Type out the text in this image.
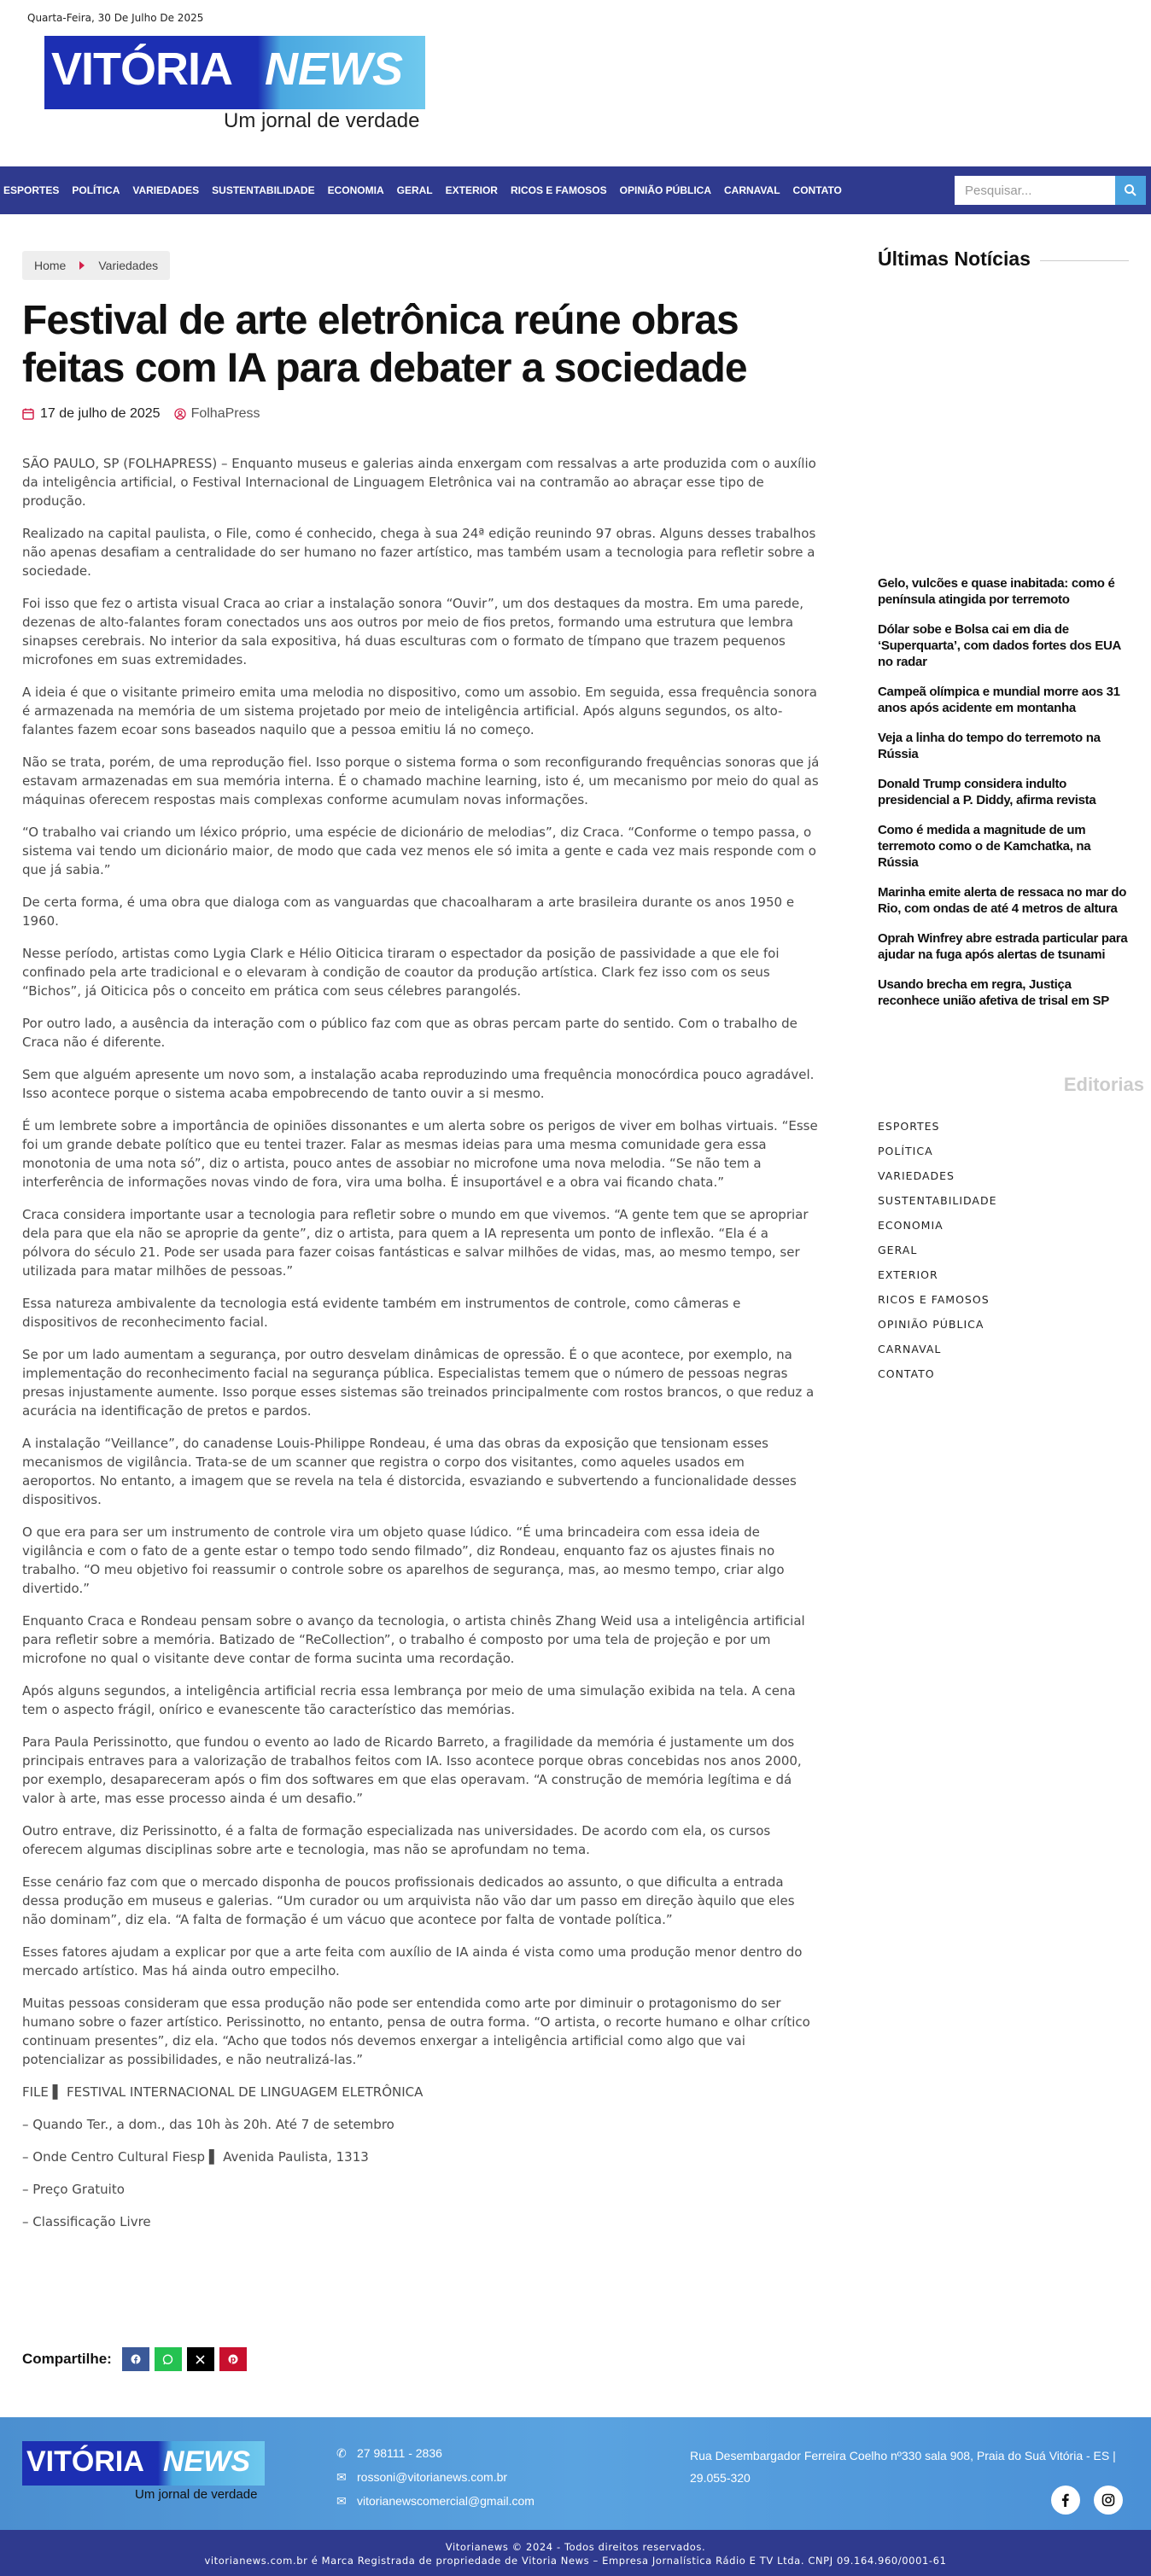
Quarta-Feira, 30 De Julho De 2025
VITÓRIA NEWS
Um jornal de verdade
ESPORTES POLÍTICA VARIEDADES SUSTENTABILIDADE ECONOMIA GERAL EXTERIOR RICOS E FAMOSOS OPINIÃO PÚBLICA CARNAVAL CONTATO
Pesquisar...
Home	Variedades
Festival de arte eletrônica reúne obras feitas com IA para debater a sociedade
17 de julho de 2025 FolhaPress

SÃO PAULO, SP (FOLHAPRESS) – Enquanto museus e galerias ainda enxergam com ressalvas a arte produzida com o auxílio da inteligência artificial, o Festival Internacional de Linguagem Eletrônica vai na contramão ao abraçar esse tipo de produção.

Realizado na capital paulista, o File, como é conhecido, chega à sua 24ª edição reunindo 97 obras. Alguns desses trabalhos não apenas desafiam a centralidade do ser humano no fazer artístico, mas também usam a tecnologia para refletir sobre a sociedade.

Foi isso que fez o artista visual Craca ao criar a instalação sonora “Ouvir”, um dos destaques da mostra. Em uma parede, dezenas de alto-falantes foram conectados uns aos outros por meio de fios pretos, formando uma estrutura que lembra sinapses cerebrais. No interior da sala expositiva, há duas esculturas com o formato de tímpano que trazem pequenos microfones em suas extremidades.

A ideia é que o visitante primeiro emita uma melodia no dispositivo, como um assobio. Em seguida, essa frequência sonora é armazenada na memória de um sistema projetado por meio de inteligência artificial. Após alguns segundos, os alto-falantes fazem ecoar sons baseados naquilo que a pessoa emitiu lá no começo.

Não se trata, porém, de uma reprodução fiel. Isso porque o sistema forma o som reconfigurando frequências sonoras que já estavam armazenadas em sua memória interna. É o chamado machine learning, isto é, um mecanismo por meio do qual as máquinas oferecem respostas mais complexas conforme acumulam novas informações.

“O trabalho vai criando um léxico próprio, uma espécie de dicionário de melodias”, diz Craca. “Conforme o tempo passa, o sistema vai tendo um dicionário maior, de modo que cada vez menos ele só imita a gente e cada vez mais responde com o que já sabia.”

De certa forma, é uma obra que dialoga com as vanguardas que chacoalharam a arte brasileira durante os anos 1950 e 1960.

Nesse período, artistas como Lygia Clark e Hélio Oiticica tiraram o espectador da posição de passividade a que ele foi confinado pela arte tradicional e o elevaram à condição de coautor da produção artística. Clark fez isso com os seus “Bichos”, já Oiticica pôs o conceito em prática com seus célebres parangolés.

Por outro lado, a ausência da interação com o público faz com que as obras percam parte do sentido. Com o trabalho de Craca não é diferente.

Sem que alguém apresente um novo som, a instalação acaba reproduzindo uma frequência monocórdica pouco agradável. Isso acontece porque o sistema acaba empobrecendo de tanto ouvir a si mesmo.

É um lembrete sobre a importância de opiniões dissonantes e um alerta sobre os perigos de viver em bolhas virtuais. “Esse foi um grande debate político que eu tentei trazer. Falar as mesmas ideias para uma mesma comunidade gera essa monotonia de uma nota só”, diz o artista, pouco antes de assobiar no microfone uma nova melodia. “Se não tem a interferência de informações novas vindo de fora, vira uma bolha. É insuportável e a obra vai ficando chata.”

Craca considera importante usar a tecnologia para refletir sobre o mundo em que vivemos. “A gente tem que se apropriar dela para que ela não se aproprie da gente”, diz o artista, para quem a IA representa um ponto de inflexão. “Ela é a pólvora do século 21. Pode ser usada para fazer coisas fantásticas e salvar milhões de vidas, mas, ao mesmo tempo, ser utilizada para matar milhões de pessoas.”

Essa natureza ambivalente da tecnologia está evidente também em instrumentos de controle, como câmeras e dispositivos de reconhecimento facial.

Se por um lado aumentam a segurança, por outro desvelam dinâmicas de opressão. É o que acontece, por exemplo, na implementação do reconhecimento facial na segurança pública. Especialistas temem que o número de pessoas negras presas injustamente aumente. Isso porque esses sistemas são treinados principalmente com rostos brancos, o que reduz a acurácia na identificação de pretos e pardos.

A instalação “Veillance”, do canadense Louis-Philippe Rondeau, é uma das obras da exposição que tensionam esses mecanismos de vigilância. Trata-se de um scanner que registra o corpo dos visitantes, como aqueles usados em aeroportos. No entanto, a imagem que se revela na tela é distorcida, esvaziando e subvertendo a funcionalidade desses dispositivos.

O que era para ser um instrumento de controle vira um objeto quase lúdico. “É uma brincadeira com essa ideia de vigilância e com o fato de a gente estar o tempo todo sendo filmado”, diz Rondeau, enquanto faz os ajustes finais no trabalho. “O meu objetivo foi reassumir o controle sobre os aparelhos de segurança, mas, ao mesmo tempo, criar algo divertido.”

Enquanto Craca e Rondeau pensam sobre o avanço da tecnologia, o artista chinês Zhang Weid usa a inteligência artificial para refletir sobre a memória. Batizado de “ReCollection”, o trabalho é composto por uma tela de projeção e por um microfone no qual o visitante deve contar de forma sucinta uma recordação.

Após alguns segundos, a inteligência artificial recria essa lembrança por meio de uma simulação exibida na tela. A cena tem o aspecto frágil, onírico e evanescente tão característico das memórias.

Para Paula Perissinotto, que fundou o evento ao lado de Ricardo Barreto, a fragilidade da memória é justamente um dos principais entraves para a valorização de trabalhos feitos com IA. Isso acontece porque obras concebidas nos anos 2000, por exemplo, desapareceram após o fim dos softwares em que elas operavam. “A construção de memória legítima e dá valor à arte, mas esse processo ainda é um desafio.”

Outro entrave, diz Perissinotto, é a falta de formação especializada nas universidades. De acordo com ela, os cursos oferecem algumas disciplinas sobre arte e tecnologia, mas não se aprofundam no tema.

Esse cenário faz com que o mercado disponha de poucos profissionais dedicados ao assunto, o que dificulta a entrada dessa produção em museus e galerias. “Um curador ou um arquivista não vão dar um passo em direção àquilo que eles não dominam”, diz ela. “A falta de formação é um vácuo que acontece por falta de vontade política.”

Esses fatores ajudam a explicar por que a arte feita com auxílio de IA ainda é vista como uma produção menor dentro do mercado artístico. Mas há ainda outro empecilho.

Muitas pessoas consideram que essa produção não pode ser entendida como arte por diminuir o protagonismo do ser humano sobre o fazer artístico. Perissinotto, no entanto, pensa de outra forma. “O artista, o recorte humano e olhar crítico continuam presentes”, diz ela. “Acho que todos nós devemos enxergar a inteligência artificial como algo que vai potencializar as possibilidades, e não neutralizá-las.”

FILE ▌ FESTIVAL INTERNACIONAL DE LINGUAGEM ELETRÔNICA

– Quando Ter., a dom., das 10h às 20h. Até 7 de setembro

– Onde Centro Cultural Fiesp ▌ Avenida Paulista, 1313

– Preço Gratuito

– Classificação Livre

Compartilhe:	p
Últimas Notícias
Gelo, vulcões e quase inabitada: como é península atingida por terremoto
Dólar sobe e Bolsa cai em dia de ‘Superquarta’, com dados fortes dos EUA no radar
Campeã olímpica e mundial morre aos 31 anos após acidente em montanha
Veja a linha do tempo do terremoto na Rússia
Donald Trump considera indulto presidencial a P. Diddy, afirma revista
Como é medida a magnitude de um terremoto como o de Kamchatka, na Rússia
Marinha emite alerta de ressaca no mar do Rio, com ondas de até 4 metros de altura
Oprah Winfrey abre estrada particular para ajudar na fuga após alertas de tsunami
Usando brecha em regra, Justiça reconhece união afetiva de trisal em SP
Editorias
ESPORTES
POLÍTICA
VARIEDADES
SUSTENTABILIDADE
ECONOMIA
GERAL
EXTERIOR
RICOS E FAMOSOS
OPINIÃO PÚBLICA
CARNAVAL
CONTATO
VITÓRIA NEWS
Um jornal de verdade
✆ 27 98111 - 2836
✉ rossoni@vitorianews.com.br
✉ vitorianewscomercial@gmail.com
Rua Desembargador Ferreira Coelho nº330 sala 908, Praia do Suá Vitória - ES | 29.055-320
Vitorianews © 2024 - Todos direitos reservados.
vitorianews.com.br é Marca Registrada de propriedade de Vitoria News – Empresa Jornalística Rádio E TV Ltda. CNPJ 09.164.960/0001-61
